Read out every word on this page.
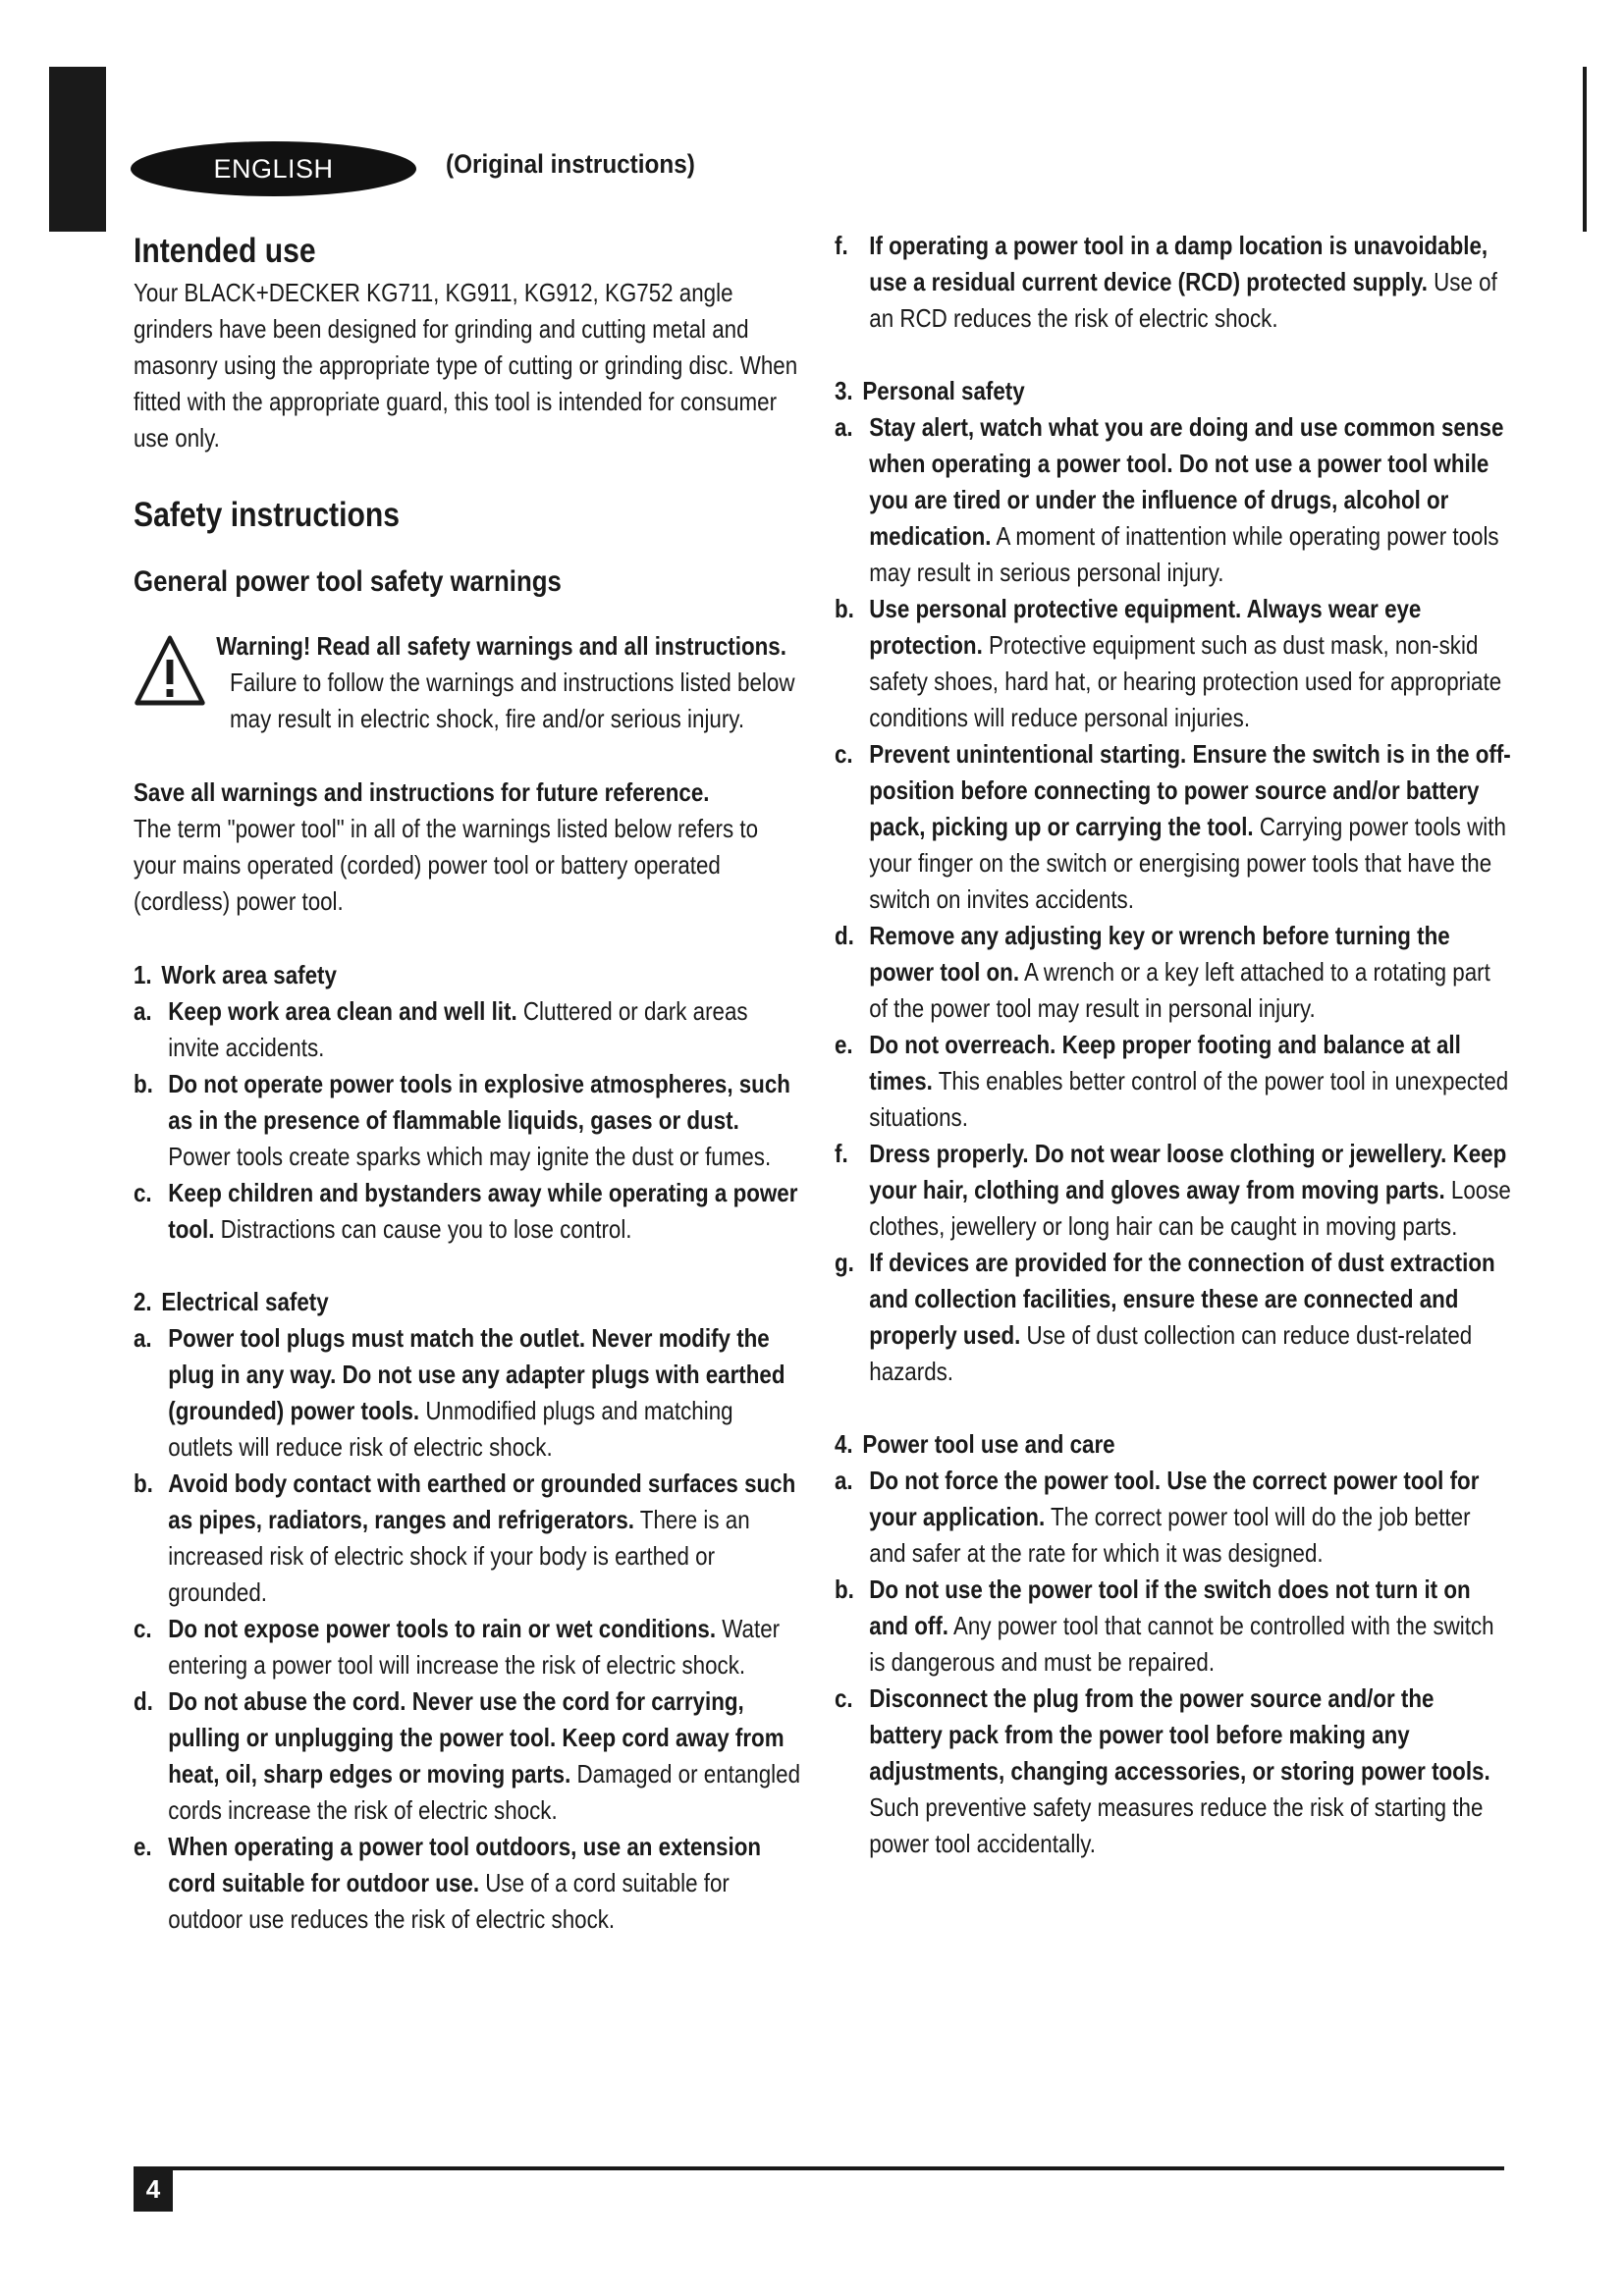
ENGLISH	(Original instructions)
Intended use

Your BLACK+DECKER KG711, KG911, KG912, KG752 angle grinders have been designed for grinding and cutting metal and masonry using the appropriate type of cutting or grinding disc. When fitted with the appropriate guard, this tool is intended for consumer use only.

Safety instructions
General power tool safety warnings

Warning! Read all safety warnings and all instructions. Failure to follow the warnings and instructions listed below may result in electric shock, fire and/or serious injury.

Save all warnings and instructions for future reference.

The term "power tool" in all of the warnings listed below refers to your mains operated (corded) power tool or battery operated (cordless) power tool.

1. Work area safety

a. Keep work area clean and well lit. Cluttered or dark areas invite accidents.
b. Do not operate power tools in explosive atmospheres, such as in the presence of flammable liquids, gases or dust. Power tools create sparks which may ignite the dust or fumes.
c. Keep children and bystanders away while operating a power tool. Distractions can cause you to lose control.

2. Electrical safety

a. Power tool plugs must match the outlet. Never modify the plug in any way. Do not use any adapter plugs with earthed (grounded) power tools. Unmodified plugs and matching outlets will reduce risk of electric shock.
b. Avoid body contact with earthed or grounded surfaces such as pipes, radiators, ranges and refrigerators. There is an increased risk of electric shock if your body is earthed or grounded.
c. Do not expose power tools to rain or wet conditions. Water entering a power tool will increase the risk of electric shock.
d. Do not abuse the cord. Never use the cord for carrying, pulling or unplugging the power tool. Keep cord away from heat, oil, sharp edges or moving parts. Damaged or entangled cords increase the risk of electric shock.
e. When operating a power tool outdoors, use an extension cord suitable for outdoor use. Use of a cord suitable for outdoor use reduces the risk of electric shock.
f. If operating a power tool in a damp location is unavoidable, use a residual current device (RCD) protected supply. Use of an RCD reduces the risk of electric shock.

3. Personal safety

a. Stay alert, watch what you are doing and use common sense when operating a power tool. Do not use a power tool while you are tired or under the influence of drugs, alcohol or medication. A moment of inattention while operating power tools may result in serious personal injury.
b. Use personal protective equipment. Always wear eye protection. Protective equipment such as dust mask, non-skid safety shoes, hard hat, or hearing protection used for appropriate conditions will reduce personal injuries.
c. Prevent unintentional starting. Ensure the switch is in the off-position before connecting to power source and/or battery pack, picking up or carrying the tool. Carrying power tools with your finger on the switch or energising power tools that have the switch on invites accidents.
d. Remove any adjusting key or wrench before turning the power tool on. A wrench or a key left attached to a rotating part of the power tool may result in personal injury.
e. Do not overreach. Keep proper footing and balance at all times. This enables better control of the power tool in unexpected situations.
f. Dress properly. Do not wear loose clothing or jewellery. Keep your hair, clothing and gloves away from moving parts. Loose clothes, jewellery or long hair can be caught in moving parts.
g. If devices are provided for the connection of dust extraction and collection facilities, ensure these are connected and properly used. Use of dust collection can reduce dust-related hazards.

4. Power tool use and care

a. Do not force the power tool. Use the correct power tool for your application. The correct power tool will do the job better and safer at the rate for which it was designed.
b. Do not use the power tool if the switch does not turn it on and off. Any power tool that cannot be controlled with the switch is dangerous and must be repaired.
c. Disconnect the plug from the power source and/or the battery pack from the power tool before making any adjustments, changing accessories, or storing power tools. Such preventive safety measures reduce the risk of starting the power tool accidentally.
4
